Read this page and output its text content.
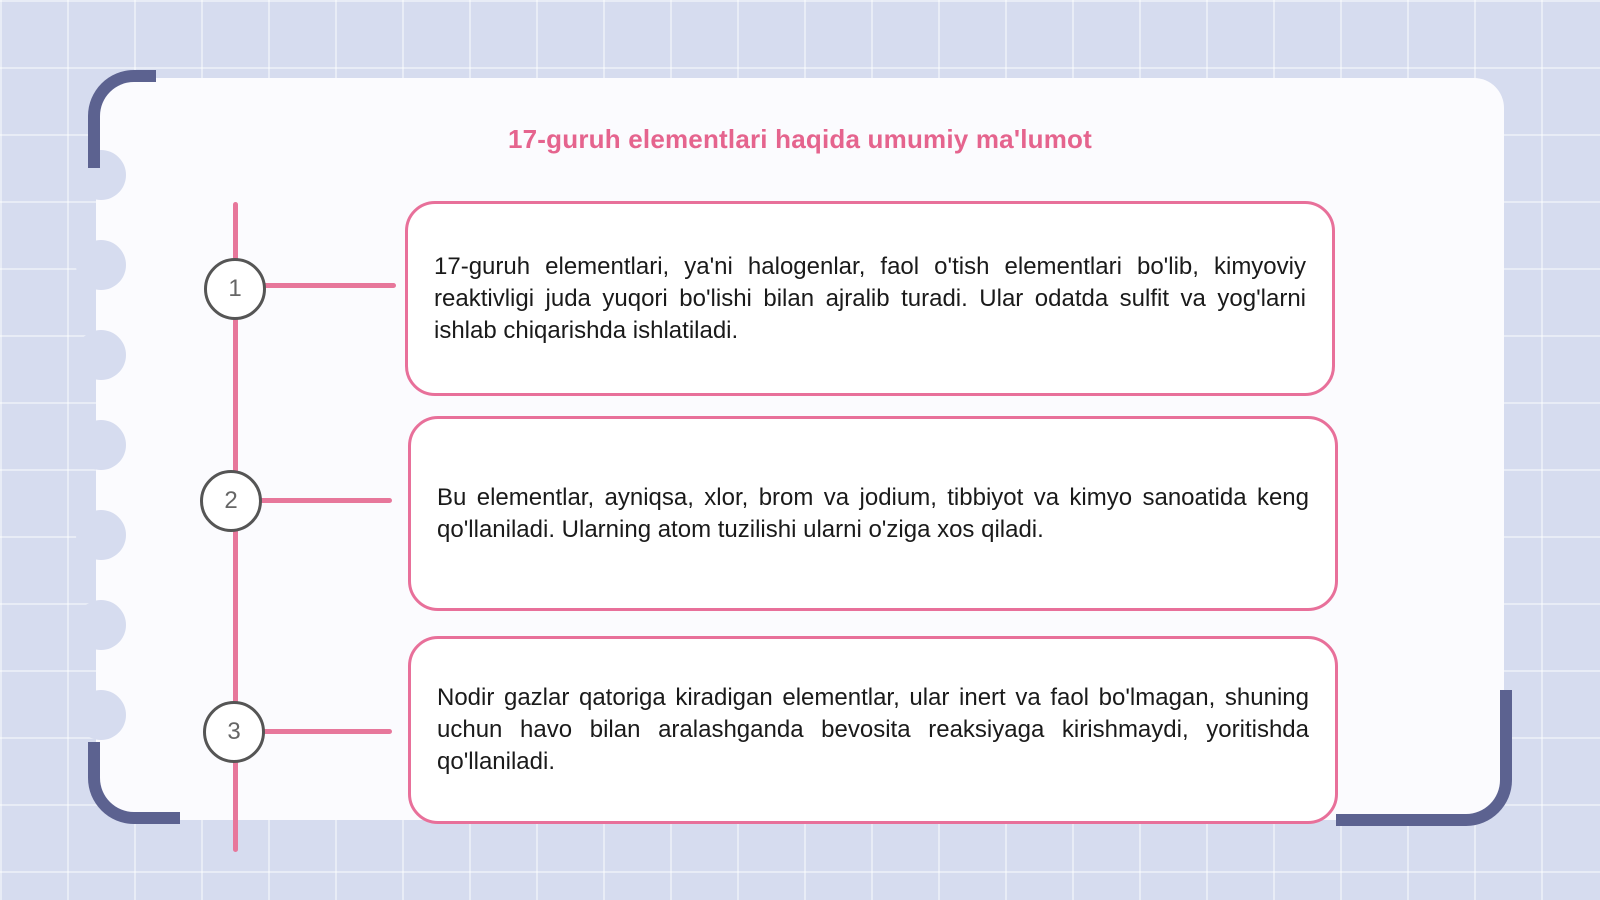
17-guruh elementlari haqida umumiy ma'lumot
1

17-guruh elementlari, ya'ni halogenlar, faol o'tish elementlari bo'lib, kimyoviy reaktivligi juda yuqori bo'lishi bilan ajralib turadi. Ular odatda sulfit va yog'larni ishlab chiqarishda ishlatiladi.

2	Bu elementlar, ayniqsa, xlor, brom va jodium, tibbiyot va kimyo sanoatida keng qo'llaniladi. Ularning atom tuzilishi ularni o'ziga xos qiladi.

3

Nodir gazlar qatoriga kiradigan elementlar, ular inert va faol bo'lmagan, shuning uchun havo bilan aralashganda bevosita reaksiyaga kirishmaydi, yoritishda qo'llaniladi.
